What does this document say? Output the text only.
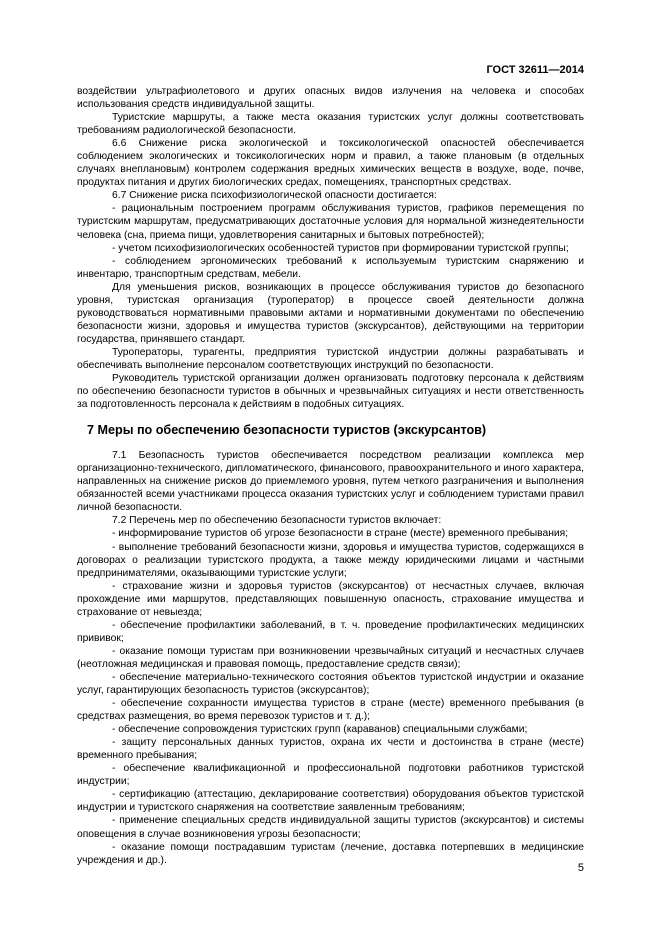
ГОСТ 32611—2014

воздействии ультрафиолетового и других опасных видов излучения на человека и способах использования средств индивидуальной защиты.

Туристские маршруты, а также места оказания туристских услуг должны соответствовать требованиям радиологической безопасности.

6.6 Снижение риска экологической и токсикологической опасностей обеспечивается соблюдением экологических и токсикологических норм и правил, а также плановым (в отдельных случаях внеплановым) контролем содержания вредных химических веществ в воздухе, воде, почве, продуктах питания и других биологических средах, помещениях, транспортных средствах.

6.7 Снижение риска психофизиологической опасности достигается:

- рациональным построением программ обслуживания туристов, графиков перемещения по туристским маршрутам, предусматривающих достаточные условия для нормальной жизнедеятельности человека (сна, приема пищи, удовлетворения санитарных и бытовых потребностей);

- учетом психофизиологических особенностей туристов при формировании туристской группы;

- соблюдением эргономических требований к используемым туристским снаряжению и инвентарю, транспортным средствам, мебели.

Для уменьшения рисков, возникающих в процессе обслуживания туристов до безопасного уровня, туристская организация (туроператор) в процессе своей деятельности должна руководствоваться нормативными правовыми актами и нормативными документами по обеспечению безопасности жизни, здоровья и имущества туристов (экскурсантов), действующими на территории государства, принявшего стандарт.

Туроператоры, турагенты, предприятия туристской индустрии должны разрабатывать и обеспечивать выполнение персоналом соответствующих инструкций по безопасности.

Руководитель туристской организации должен организовать подготовку персонала к действиям по обеспечению безопасности туристов в обычных и чрезвычайных ситуациях и нести ответственность за подготовленность персонала к действиям в подобных ситуациях.

7 Меры по обеспечению безопасности туристов (экскурсантов)

7.1 Безопасность туристов обеспечивается посредством реализации комплекса мер организационно-технического, дипломатического, финансового, правоохранительного и иного характера, направленных на снижение рисков до приемлемого уровня, путем четкого разграничения и выполнения обязанностей всеми участниками процесса оказания туристских услуг и соблюдением туристами правил личной безопасности.

7.2 Перечень мер по обеспечению безопасности туристов включает:

- информирование туристов об угрозе безопасности в стране (месте) временного пребывания;

- выполнение требований безопасности жизни, здоровья и имущества туристов, содержащихся в договорах о реализации туристского продукта, а также между юридическими лицами и частными предпринимателями, оказывающими туристские услуги;

- страхование жизни и здоровья туристов (экскурсантов) от несчастных случаев, включая прохождение ими маршрутов, представляющих повышенную опасность, страхование имущества и страхование от невыезда;

- обеспечение профилактики заболеваний, в т. ч. проведение профилактических медицинских прививок;

- оказание помощи туристам при возникновении чрезвычайных ситуаций и несчастных случаев (неотложная медицинская и правовая помощь, предоставление средств связи);

- обеспечение материально-технического состояния объектов туристской индустрии и оказание услуг, гарантирующих безопасность туристов (экскурсантов);

- обеспечение сохранности имущества туристов в стране (месте) временного пребывания (в средствах размещения, во время перевозок туристов и т. д.);

- обеспечение сопровождения туристских групп (караванов) специальными службами;

- защиту персональных данных туристов, охрана их чести и достоинства в стране (месте) временного пребывания;

- обеспечение квалификационной и профессиональной подготовки работников туристской индустрии;

- сертификацию (аттестацию, декларирование соответствия) оборудования объектов туристской индустрии и туристского снаряжения на соответствие заявленным требованиям;

- применение специальных средств индивидуальной защиты туристов (экскурсантов) и системы оповещения в случае возникновения угрозы безопасности;

- оказание помощи пострадавшим туристам (лечение, доставка потерпевших в медицинские учреждения и др.).

5
